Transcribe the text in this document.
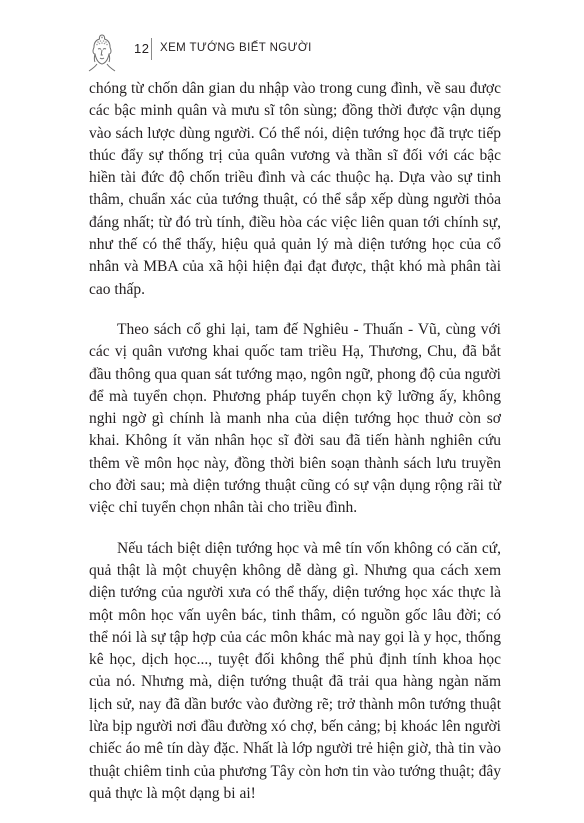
12 XEM TƯỚNG BIẾT NGƯỜI

chóng từ chốn dân gian du nhập vào trong cung đình, về sau được các bậc minh quân và mưu sĩ tôn sùng; đồng thời được vận dụng vào sách lược dùng người. Có thể nói, diện tướng học đã trực tiếp thúc đẩy sự thống trị của quân vương và thần sĩ đối với các bậc hiền tài đức độ chốn triều đình và các thuộc hạ. Dựa vào sự tinh thâm, chuẩn xác của tướng thuật, có thể sắp xếp dùng người thỏa đáng nhất; từ đó trù tính, điều hòa các việc liên quan tới chính sự, như thế có thể thấy, hiệu quả quản lý mà diện tướng học của cổ nhân và MBA của xã hội hiện đại đạt được, thật khó mà phân tài cao thấp.

Theo sách cổ ghi lại, tam đế Nghiêu - Thuấn - Vũ, cùng với các vị quân vương khai quốc tam triều Hạ, Thương, Chu, đã bắt đầu thông qua quan sát tướng mạo, ngôn ngữ, phong độ của người để mà tuyển chọn. Phương pháp tuyển chọn kỹ lưỡng ấy, không nghi ngờ gì chính là manh nha của diện tướng học thuở còn sơ khai. Không ít văn nhân học sĩ đời sau đã tiến hành nghiên cứu thêm về môn học này, đồng thời biên soạn thành sách lưu truyền cho đời sau; mà diện tướng thuật cũng có sự vận dụng rộng rãi từ việc chỉ tuyển chọn nhân tài cho triều đình.

Nếu tách biệt diện tướng học và mê tín vốn không có căn cứ, quả thật là một chuyện không dễ dàng gì. Nhưng qua cách xem diện tướng của người xưa có thể thấy, diện tướng học xác thực là một môn học vấn uyên bác, tinh thâm, có nguồn gốc lâu đời; có thể nói là sự tập hợp của các môn khác mà nay gọi là y học, thống kê học, dịch học..., tuyệt đối không thể phủ định tính khoa học của nó. Nhưng mà, diện tướng thuật đã trải qua hàng ngàn năm lịch sử, nay đã dần bước vào đường rẽ; trở thành môn tướng thuật lừa bịp người nơi đầu đường xó chợ, bến cảng; bị khoác lên người chiếc áo mê tín dày đặc. Nhất là lớp người trẻ hiện giờ, thà tin vào thuật chiêm tinh của phương Tây còn hơn tin vào tướng thuật; đây quả thực là một dạng bi ai!
